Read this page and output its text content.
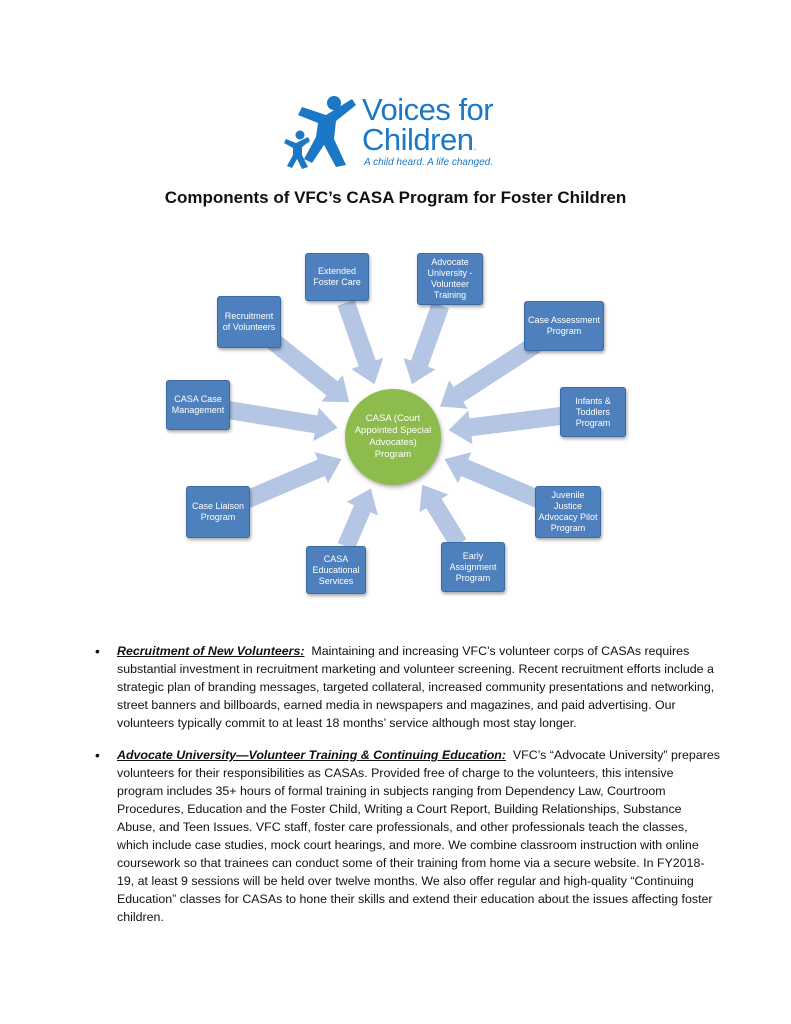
Voices for
Children.
A child heard. A life changed.
Components of VFC’s CASA Program for Foster Children
Extended Foster Care
Advocate University - Volunteer Training
Case Assessment Program
Infants & Toddlers Program
Juvenile Justice Advocacy Pilot Program
Early Assignment Program
CASA Educational Services
Case Liaison Program
CASA Case Management
Recruitment of Volunteers
CASA (Court Appointed Special Advocates) Program
• Recruitment of New Volunteers: Maintaining and increasing VFC’s volunteer corps of CASAs requires substantial investment in recruitment marketing and volunteer screening. Recent recruitment efforts include a strategic plan of branding messages, targeted collateral, increased community presentations and networking, street banners and billboards, earned media in newspapers and magazines, and paid advertising. Our volunteers typically commit to at least 18 months’ service although most stay longer.
• Advocate University—Volunteer Training & Continuing Education: VFC’s “Advocate University” prepares volunteers for their responsibilities as CASAs. Provided free of charge to the volunteers, this intensive program includes 35+ hours of formal training in subjects ranging from Dependency Law, Courtroom Procedures, Education and the Foster Child, Writing a Court Report, Building Relationships, Substance Abuse, and Teen Issues. VFC staff, foster care professionals, and other professionals teach the classes, which include case studies, mock court hearings, and more. We combine classroom instruction with online coursework so that trainees can conduct some of their training from home via a secure website. In FY2018-19, at least 9 sessions will be held over twelve months. We also offer regular and high-quality “Continuing Education” classes for CASAs to hone their skills and extend their education about the issues affecting foster children.
